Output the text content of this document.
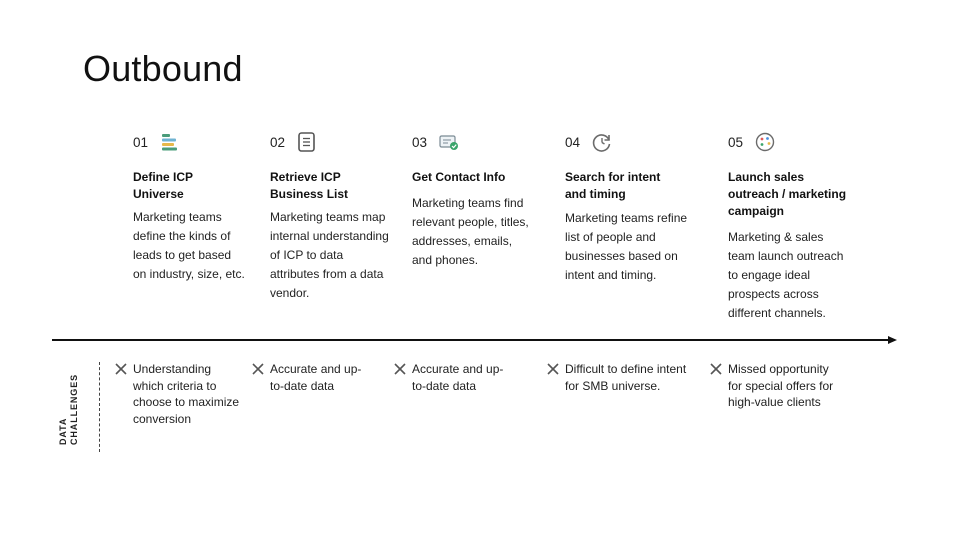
Outbound
01
Define ICP Universe
Marketing teams define the kinds of leads to get based on industry, size, etc.
02
Retrieve ICP Business List
Marketing teams map internal understanding of ICP to data attributes from a data vendor.
03
Get Contact Info
Marketing teams find relevant people, titles, addresses, emails, and phones.
04
Search for intent and timing
Marketing teams refine list of people and businesses based on intent and timing.
05
Launch sales outreach / marketing campaign
Marketing & sales team launch outreach to engage ideal prospects across different channels.
DATA CHALLENGES
Understanding which criteria to choose to maximize conversion
Accurate and up-to-date data
Accurate and up-to-date data
Difficult to define intent for SMB universe.
Missed opportunity for special offers for high-value clients
